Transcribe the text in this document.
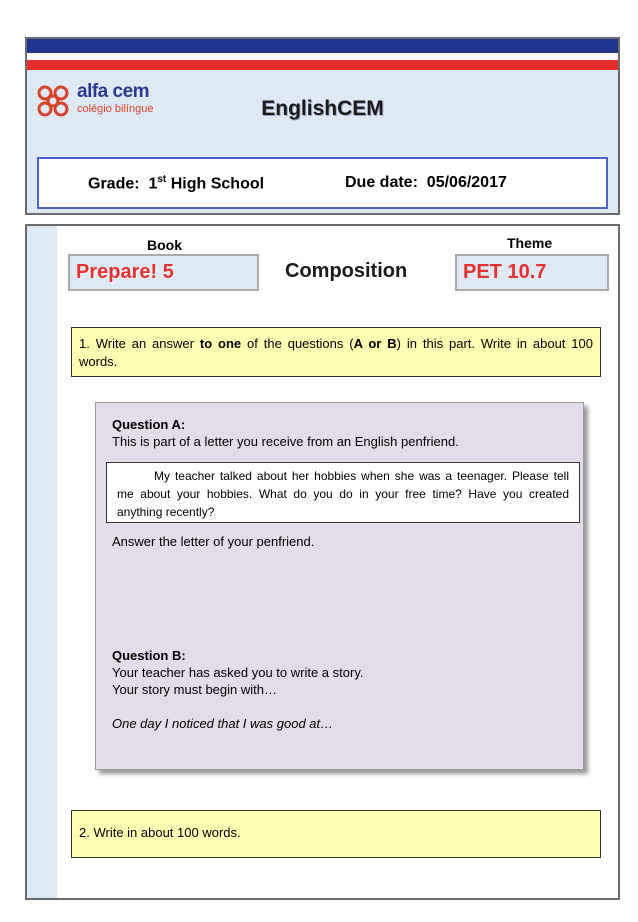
alfa cem
colégio bilíngue	EnglishCEM
Grade: 1st High School	Due date: 05/06/2017
Book	Theme
Prepare! 5	Composition	PET 10.7
1. Write an answer to one of the questions (A or B) in this part. Write in about 100 words.
Question A:
This is part of a letter you receive from an English penfriend.
My teacher talked about her hobbies when she was a teenager. Please tell me about your hobbies. What do you do in your free time? Have you created anything recently?
Answer the letter of your penfriend.
Question B:
Your teacher has asked you to write a story.
Your story must begin with…
One day I noticed that I was good at…
2. Write in about 100 words.
